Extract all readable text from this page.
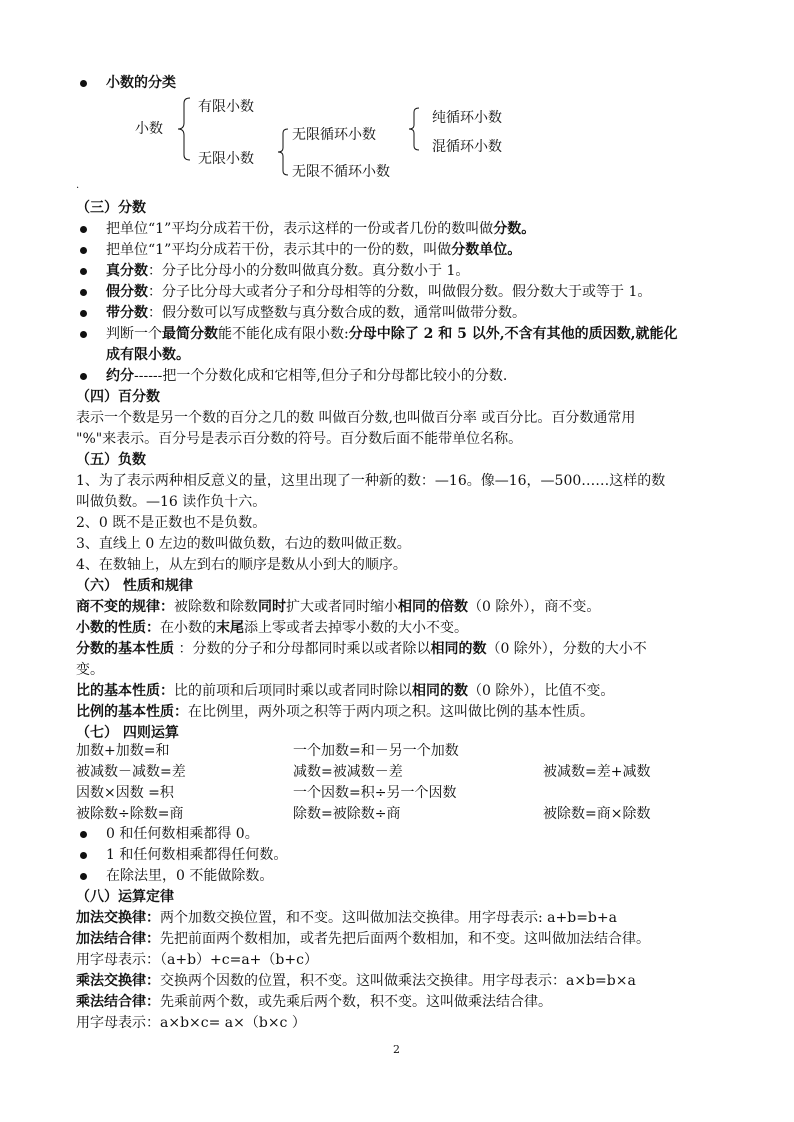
小数的分类
小数
有限小数
无限小数
无限循环小数
无限不循环小数
纯循环小数
混循环小数
.
（三）分数
把单位“1”平均分成若干份，表示这样的一份或者几份的数叫做分数。
把单位“1”平均分成若干份，表示其中的一份的数，叫做分数单位。
真分数：分子比分母小的分数叫做真分数。真分数小于 1。
假分数：分子比分母大或者分子和分母相等的分数，叫做假分数。假分数大于或等于 1。
带分数：假分数可以写成整数与真分数合成的数，通常叫做带分数。
判断一个最简分数能不能化成有限小数:分母中除了 2 和 5 以外,不含有其他的质因数,就能化
成有限小数。
约分------把一个分数化成和它相等,但分子和分母都比较小的分数.
（四）百分数
表示一个数是另一个数的百分之几的数 叫做百分数,也叫做百分率 或百分比。百分数通常用
"%"来表示。百分号是表示百分数的符号。百分数后面不能带单位名称。
（五）负数
1、为了表示两种相反意义的量，这里出现了一种新的数：—16。像—16，—500……这样的数
叫做负数。—16 读作负十六。
2、0 既不是正数也不是负数。
3、直线上 0 左边的数叫做负数，右边的数叫做正数。
4、在数轴上，从左到右的顺序是数从小到大的顺序。
（六） 性质和规律
商不变的规律：被除数和除数同时扩大或者同时缩小相同的倍数（0 除外），商不变。
小数的性质：在小数的末尾添上零或者去掉零小数的大小不变。
分数的基本性质 ：分数的分子和分母都同时乘以或者除以相同的数（0 除外），分数的大小不
变。
比的基本性质：比的前项和后项同时乘以或者同时除以相同的数（0 除外），比值不变。
比例的基本性质：在比例里，两外项之积等于两内项之积。这叫做比例的基本性质。
（七） 四则运算
加数+加数=和	一个加数=和－另一个加数
被减数－减数=差	减数=被减数－差	被减数=差+减数
因数×因数 =积	一个因数=积÷另一个因数
被除数÷除数=商	除数=被除数÷商	被除数=商×除数
0 和任何数相乘都得 0。
1 和任何数相乘都得任何数。
在除法里，0 不能做除数。
（八）运算定律
加法交换律：两个加数交换位置，和不变。这叫做加法交换律。用字母表示: a+b=b+a
加法结合律：先把前面两个数相加，或者先把后面两个数相加，和不变。这叫做加法结合律。
用字母表示：（a+b）+c=a+（b+c）
乘法交换律：交换两个因数的位置，积不变。这叫做乘法交换律。用字母表示：a×b=b×a
乘法结合律：先乘前两个数，或先乘后两个数，积不变。这叫做乘法结合律。
用字母表示：a×b×c= a×（b×c ）
2
